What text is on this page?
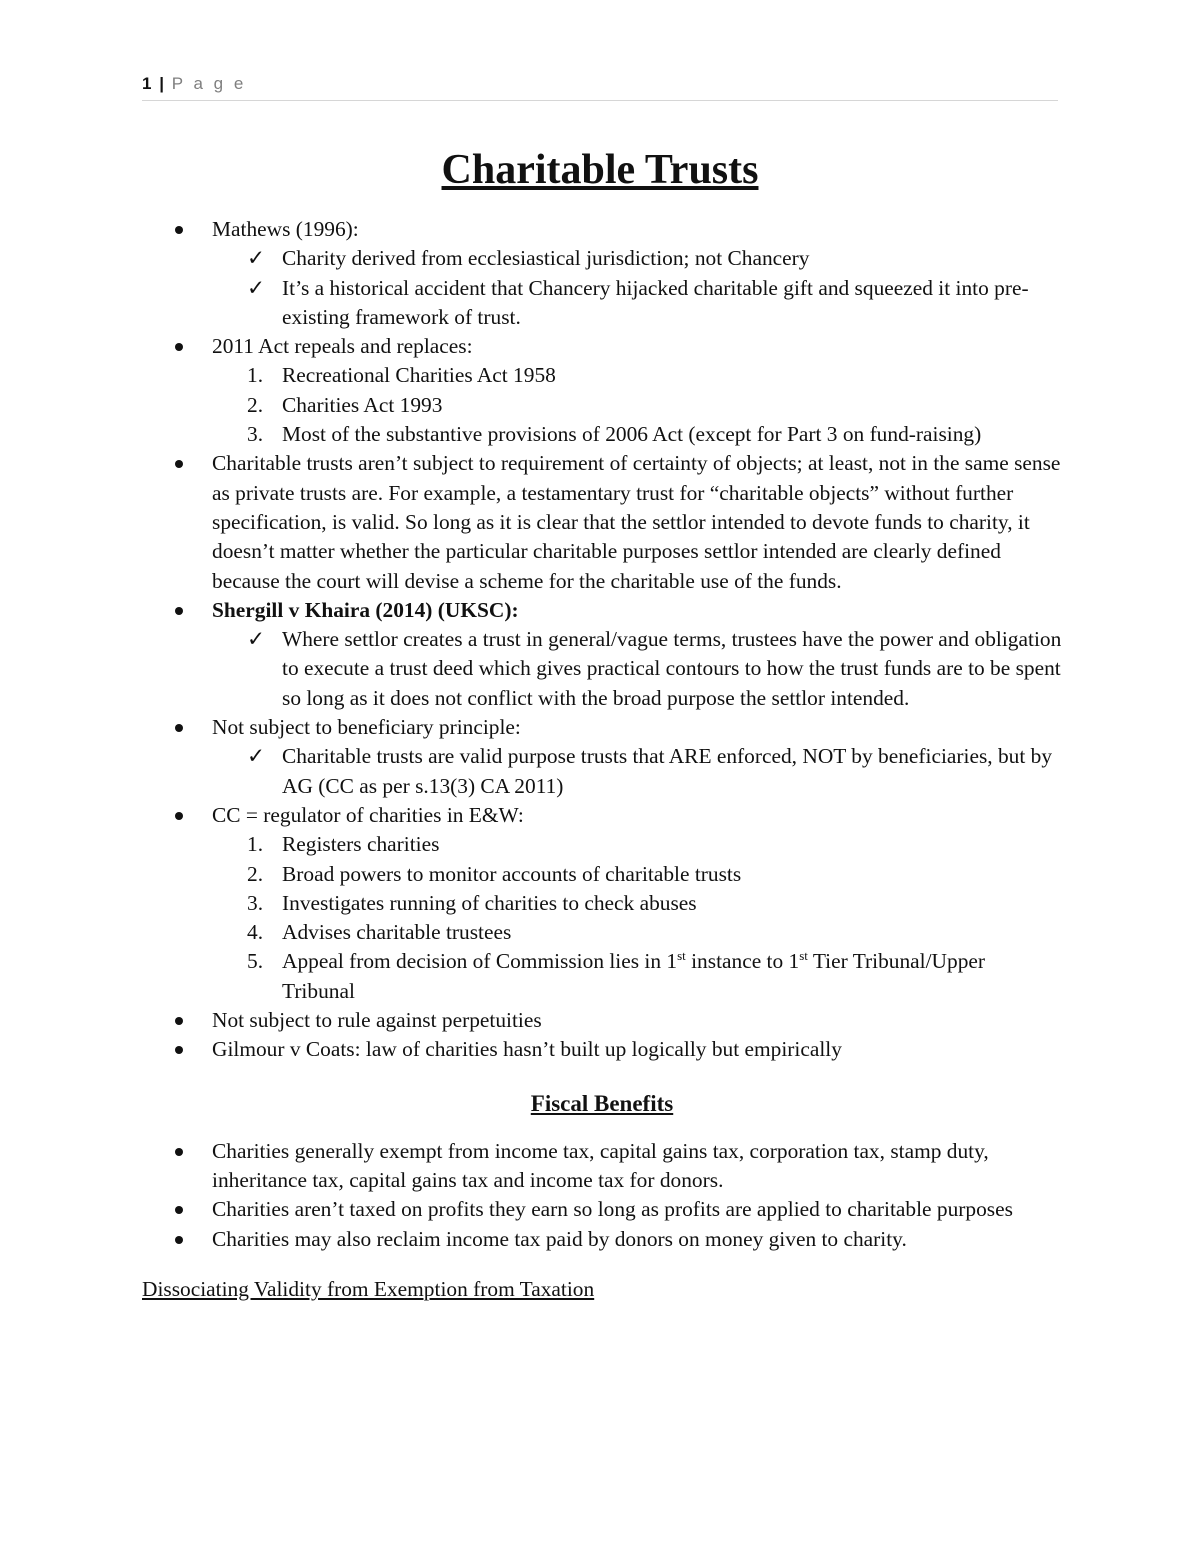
1 | P a g e
Charitable Trusts
Mathews (1996):
✓ Charity derived from ecclesiastical jurisdiction; not Chancery
✓ It’s a historical accident that Chancery hijacked charitable gift and squeezed it into pre-existing framework of trust.
2011 Act repeals and replaces:
1. Recreational Charities Act 1958
2. Charities Act 1993
3. Most of the substantive provisions of 2006 Act (except for Part 3 on fund-raising)
Charitable trusts aren’t subject to requirement of certainty of objects; at least, not in the same sense as private trusts are. For example, a testamentary trust for “charitable objects” without further specification, is valid. So long as it is clear that the settlor intended to devote funds to charity, it doesn’t matter whether the particular charitable purposes settlor intended are clearly defined because the court will devise a scheme for the charitable use of the funds.
Shergill v Khaira (2014) (UKSC):
✓ Where settlor creates a trust in general/vague terms, trustees have the power and obligation to execute a trust deed which gives practical contours to how the trust funds are to be spent so long as it does not conflict with the broad purpose the settlor intended.
Not subject to beneficiary principle:
✓ Charitable trusts are valid purpose trusts that ARE enforced, NOT by beneficiaries, but by AG (CC as per s.13(3) CA 2011)
CC = regulator of charities in E&W:
1. Registers charities
2. Broad powers to monitor accounts of charitable trusts
3. Investigates running of charities to check abuses
4. Advises charitable trustees
5. Appeal from decision of Commission lies in 1st instance to 1st Tier Tribunal/Upper Tribunal
Not subject to rule against perpetuities
Gilmour v Coats: law of charities hasn’t built up logically but empirically
Fiscal Benefits
Charities generally exempt from income tax, capital gains tax, corporation tax, stamp duty, inheritance tax, capital gains tax and income tax for donors.
Charities aren’t taxed on profits they earn so long as profits are applied to charitable purposes
Charities may also reclaim income tax paid by donors on money given to charity.
Dissociating Validity from Exemption from Taxation
